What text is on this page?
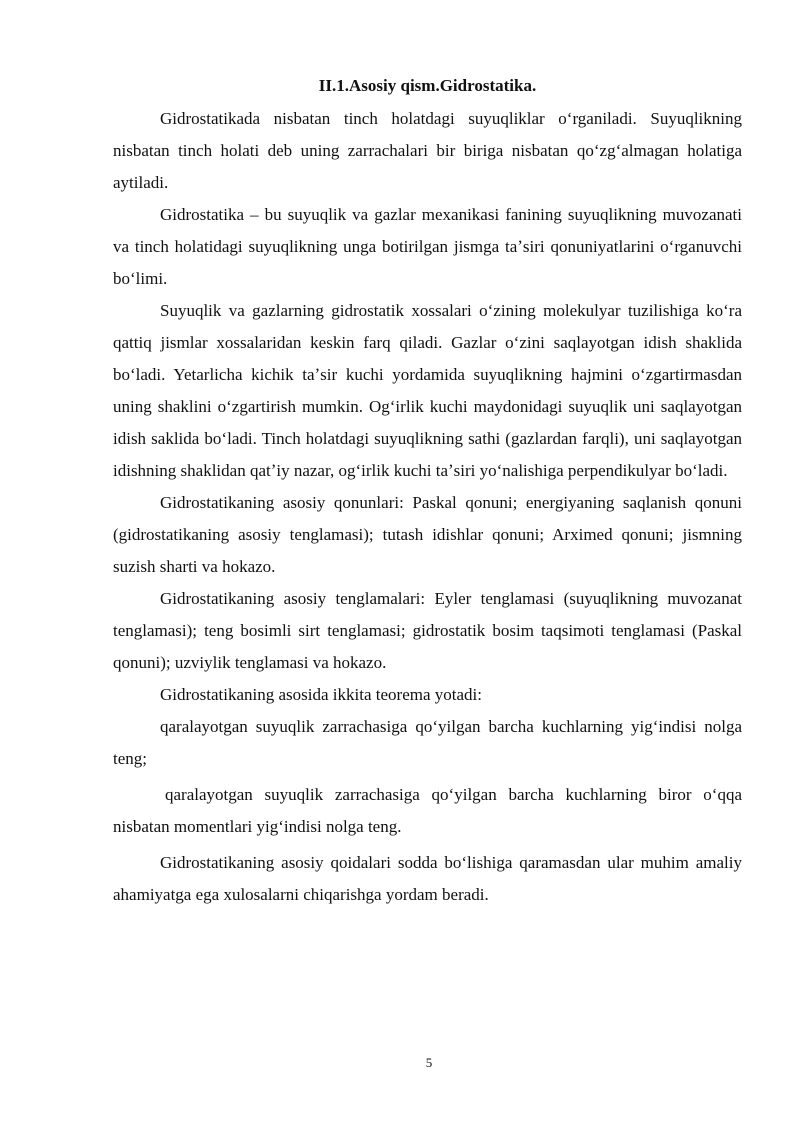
II.1.Asosiy qism.Gidrostatika.

Gidrostatikada nisbatan tinch holatdagi suyuqliklar oʻrganiladi. Suyuqlikning nisbatan tinch holati deb uning zarrachalari bir biriga nisbatan qoʻzgʻalmagan holatiga aytiladi.

Gidrostatika – bu suyuqlik va gazlar mexanikasi fanining suyuqlikning muvozanati va tinch holatidagi suyuqlikning unga botirilgan jismga taʼsiri qonuniyatlarini oʻrganuvchi boʻlimi.

Suyuqlik va gazlarning gidrostatik xossalari oʻzining molekulyar tuzilishiga koʻra qattiq jismlar xossalaridan keskin farq qiladi. Gazlar oʻzini saqlayotgan idish shaklida boʻladi. Yetarlicha kichik taʼsir kuchi yordamida suyuqlikning hajmini oʻzgartirmasdan uning shaklini oʻzgartirish mumkin. Ogʻirlik kuchi maydonidagi suyuqlik uni saqlayotgan idish saklida boʻladi. Tinch holatdagi suyuqlikning sathi (gazlardan farqli), uni saqlayotgan idishning shaklidan qatʼiy nazar, ogʻirlik kuchi taʼsiri yoʻnalishiga perpendikulyar boʻladi.

Gidrostatikaning asosiy qonunlari: Paskal qonuni; energiyaning saqlanish qonuni (gidrostatikaning asosiy tenglamasi); tutash idishlar qonuni; Arximed qonuni; jismning suzish sharti va hokazo.

Gidrostatikaning asosiy tenglamalari: Eyler tenglamasi (suyuqlikning muvozanat tenglamasi); teng bosimli sirt tenglamasi; gidrostatik bosim taqsimoti tenglamasi (Paskal qonuni); uzviylik tenglamasi va hokazo.

Gidrostatikaning asosida ikkita teorema yotadi:

qaralayotgan suyuqlik zarrachasiga qoʻyilgan barcha kuchlarning yigʻindisi nolga teng;

qaralayotgan suyuqlik zarrachasiga qoʻyilgan barcha kuchlarning biror oʻqqa nisbatan momentlari yigʻindisi nolga teng.

Gidrostatikaning asosiy qoidalari sodda boʻlishiga qaramasdan ular muhim amaliy ahamiyatga ega xulosalarni chiqarishga yordam beradi.

5
